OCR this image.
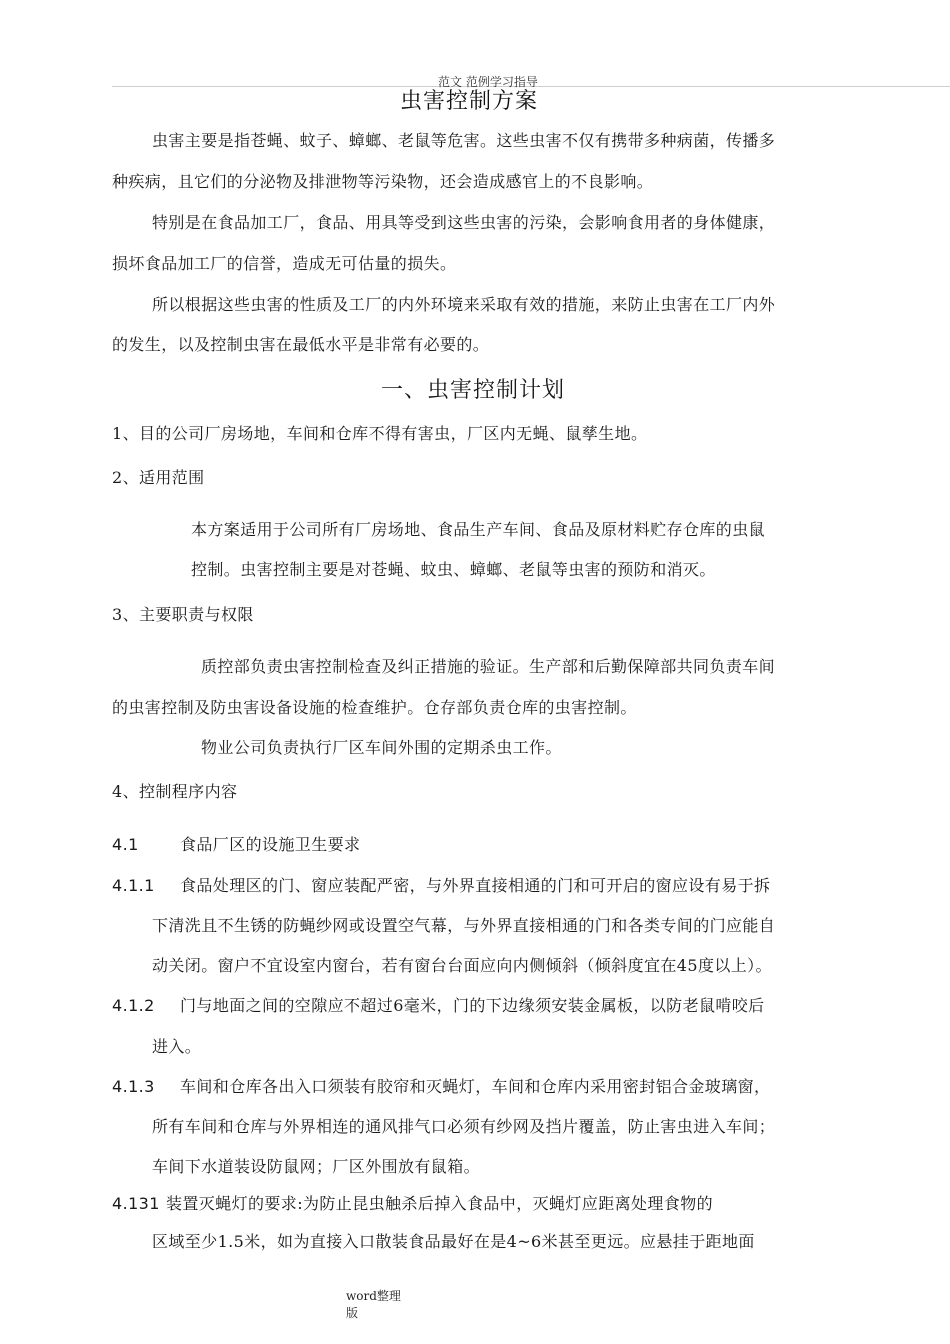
范文 范例学习指导
虫害控制方案
虫害主要是指苍蝇、蚊子、蟑螂、老鼠等危害。这些虫害不仅有携带多种病菌，传播多
种疾病，且它们的分泌物及排泄物等污染物，还会造成感官上的不良影响。
特别是在食品加工厂，食品、用具等受到这些虫害的污染，会影响食用者的身体健康，
损坏食品加工厂的信誉，造成无可估量的损失。
所以根据这些虫害的性质及工厂的内外环境来采取有效的措施，来防止虫害在工厂内外
的发生，以及控制虫害在最低水平是非常有必要的。
一、虫害控制计划
1、目的公司厂房场地，车间和仓库不得有害虫，厂区内无蝇、鼠孳生地。
2、适用范围
本方案适用于公司所有厂房场地、食品生产车间、食品及原材料贮存仓库的虫鼠
控制。虫害控制主要是对苍蝇、蚊虫、蟑螂、老鼠等虫害的预防和消灭。
3、主要职责与权限
质控部负责虫害控制检查及纠正措施的验证。生产部和后勤保障部共同负责车间
的虫害控制及防虫害设备设施的检查维护。仓存部负责仓库的虫害控制。
物业公司负责执行厂区车间外围的定期杀虫工作。
4、控制程序内容
4.1	食品厂区的设施卫生要求
4.1.1 食品处理区的门、窗应装配严密，与外界直接相通的门和可开启的窗应设有易于拆
下清洗且不生锈的防蝇纱网或设置空气幕，与外界直接相通的门和各类专间的门应能自
动关闭。窗户不宜设室内窗台，若有窗台台面应向内侧倾斜（倾斜度宜在45度以上）。
4.1.2 门与地面之间的空隙应不超过6毫米，门的下边缘须安装金属板，以防老鼠啃咬后
进入。
4.1.3 车间和仓库各出入口须装有胶帘和灭蝇灯，车间和仓库内采用密封铝合金玻璃窗，
所有车间和仓库与外界相连的通风排气口必须有纱网及挡片覆盖，防止害虫进入车间；
车间下水道装设防鼠网；厂区外围放有鼠箱。
4.131 装置灭蝇灯的要求:为防止昆虫触杀后掉入食品中，灭蝇灯应距离处理食物的
区域至少1.5米，如为直接入口散装食品最好在是4~6米甚至更远。应悬挂于距地面
word整理
版
